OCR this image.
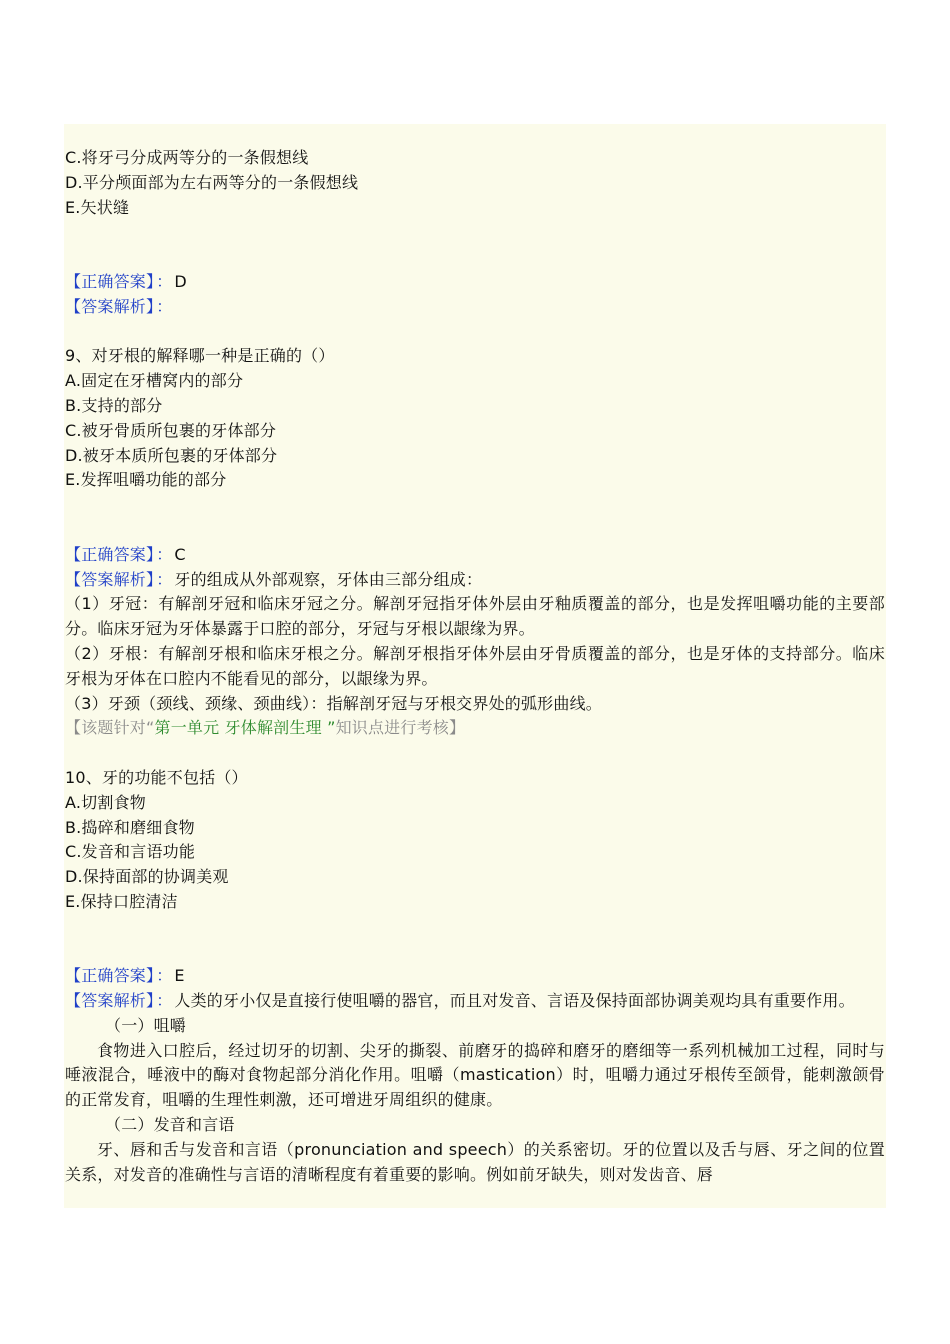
C.将牙弓分成两等分的一条假想线
D.平分颅面部为左右两等分的一条假想线
E.矢状缝
【正确答案】 ： D
【答案解析】 ：
9、对牙根的解释哪一种是正确的（）
A.固定在牙槽窝内的部分
B.支持的部分
C.被牙骨质所包裹的牙体部分
D.被牙本质所包裹的牙体部分
E.发挥咀嚼功能的部分
【正确答案】 ： C
【答案解析】 ： 牙的组成从外部观察，牙体由三部分组成：
（1）牙冠：有解剖牙冠和临床牙冠之分。解剖牙冠指牙体外层由牙釉质覆盖的部分，也是发挥咀嚼功能的主要部分。临床牙冠为牙体暴露于口腔的部分，牙冠与牙根以龈缘为界。
（2）牙根：有解剖牙根和临床牙根之分。解剖牙根指牙体外层由牙骨质覆盖的部分，也是牙体的支持部分。临床牙根为牙体在口腔内不能看见的部分，以龈缘为界。
（3）牙颈（颈线、颈缘、颈曲线）：指解剖牙冠与牙根交界处的弧形曲线。
【该题针对“第一单元 牙体解剖生理 ”知识点进行考核】
10、牙的功能不包括（）
A.切割食物
B.捣碎和磨细食物
C.发音和言语功能
D.保持面部的协调美观
E.保持口腔清洁
【正确答案】 ： E
【答案解析】 ： 人类的牙小仅是直接行使咀嚼的器官，而且对发音、言语及保持面部协调美观均具有重要作用。
（一）咀嚼
食物进入口腔后，经过切牙的切割、尖牙的撕裂、前磨牙的捣碎和磨牙的磨细等一系列机械加工过程，同时与唾液混合，唾液中的酶对食物起部分消化作用。咀嚼（mastication）时，咀嚼力通过牙根传至颌骨，能刺激颌骨的正常发育，咀嚼的生理性刺激，还可增进牙周组织的健康。
（二）发音和言语
牙、唇和舌与发音和言语（pronunciation and speech）的关系密切。牙的位置以及舌与唇、牙之间的位置关系，对发音的准确性与言语的清晰程度有着重要的影响。例如前牙缺失，则对发齿音、唇
